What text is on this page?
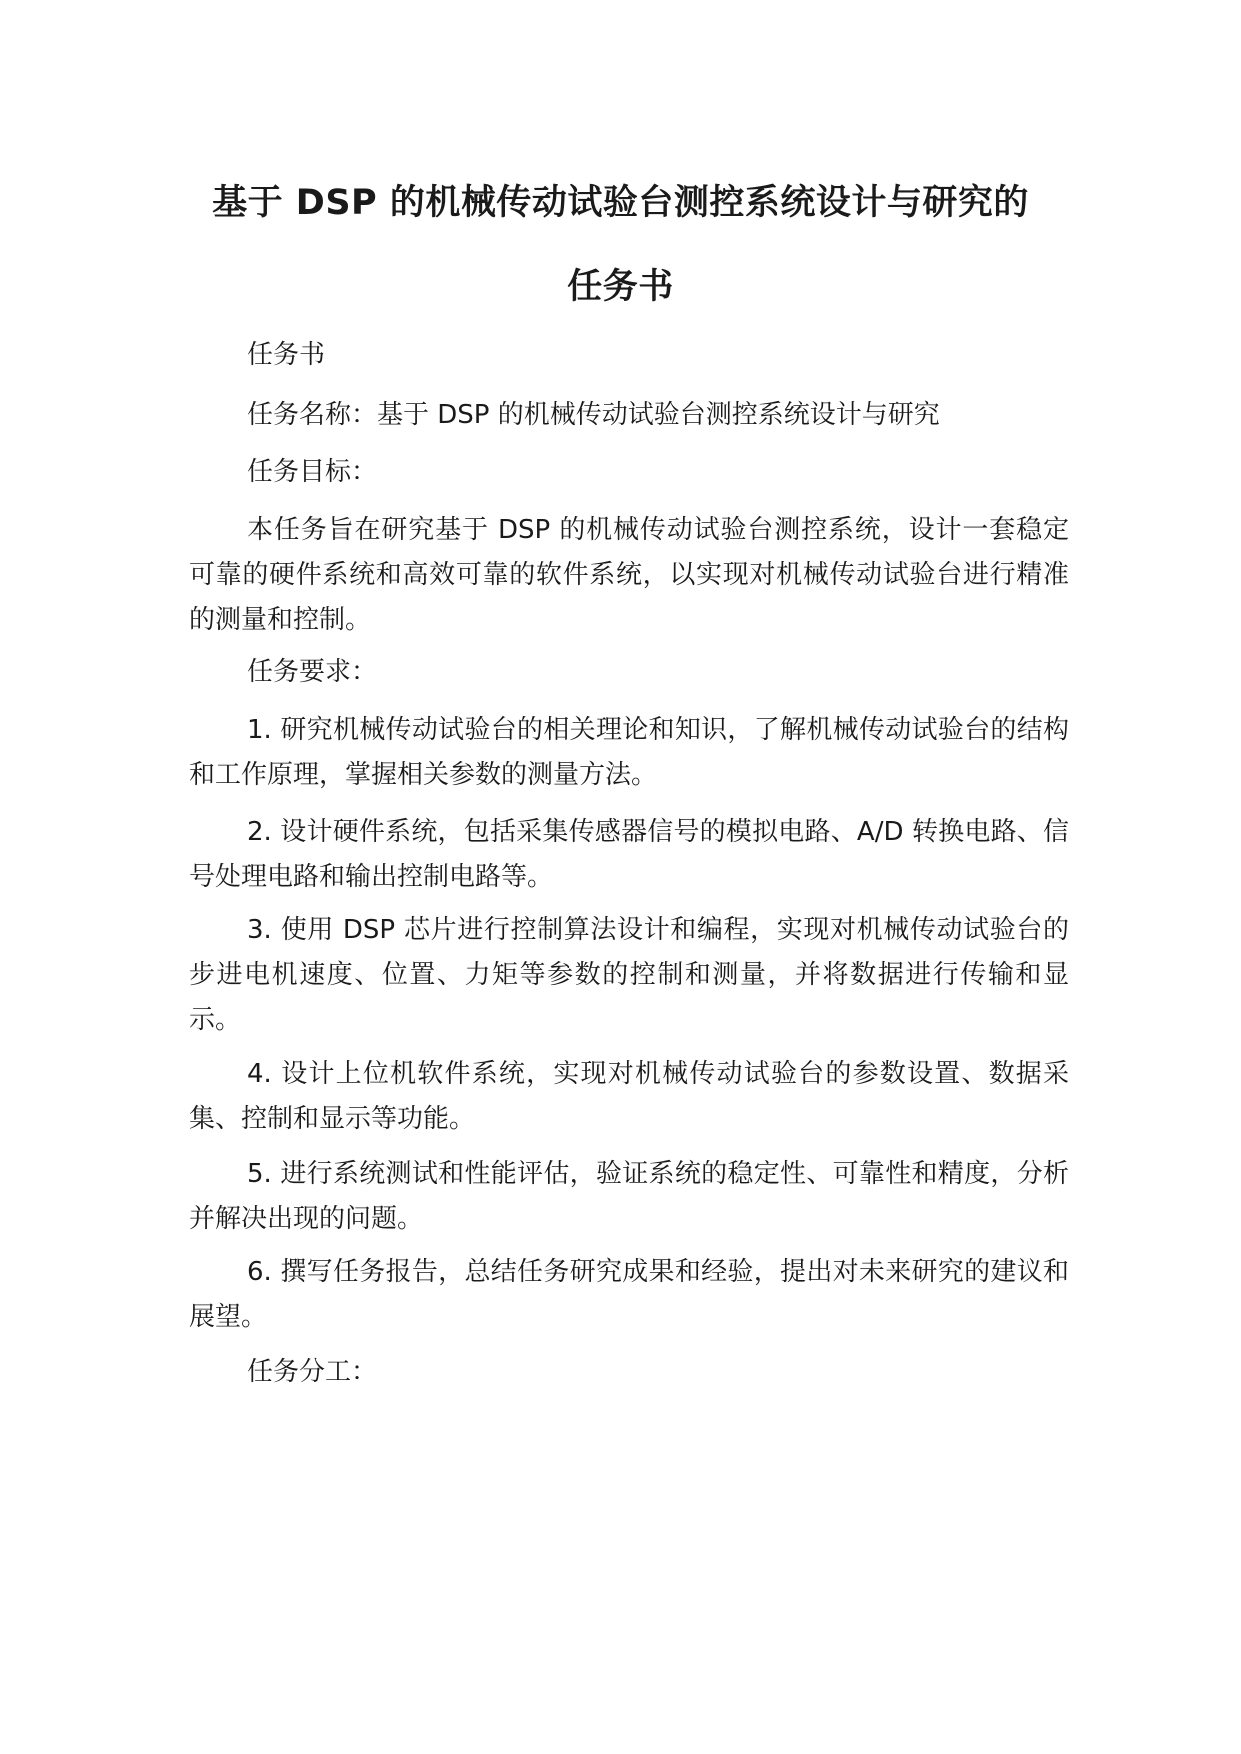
基于 DSP 的机械传动试验台测控系统设计与研究的
任务书

任务书

任务名称：基于 DSP 的机械传动试验台测控系统设计与研究

任务目标：

本任务旨在研究基于 DSP 的机械传动试验台测控系统，设计一套稳定可靠的硬件系统和高效可靠的软件系统，以实现对机械传动试验台进行精准的测量和控制。

任务要求：

1. 研究机械传动试验台的相关理论和知识，了解机械传动试验台的结构和工作原理，掌握相关参数的测量方法。

2. 设计硬件系统，包括采集传感器信号的模拟电路、A/D 转换电路、信号处理电路和输出控制电路等。

3. 使用 DSP 芯片进行控制算法设计和编程，实现对机械传动试验台的步进电机速度、位置、力矩等参数的控制和测量，并将数据进行传输和显示。

4. 设计上位机软件系统，实现对机械传动试验台的参数设置、数据采集、控制和显示等功能。

5. 进行系统测试和性能评估，验证系统的稳定性、可靠性和精度，分析并解决出现的问题。

6. 撰写任务报告，总结任务研究成果和经验，提出对未来研究的建议和展望。

任务分工：
